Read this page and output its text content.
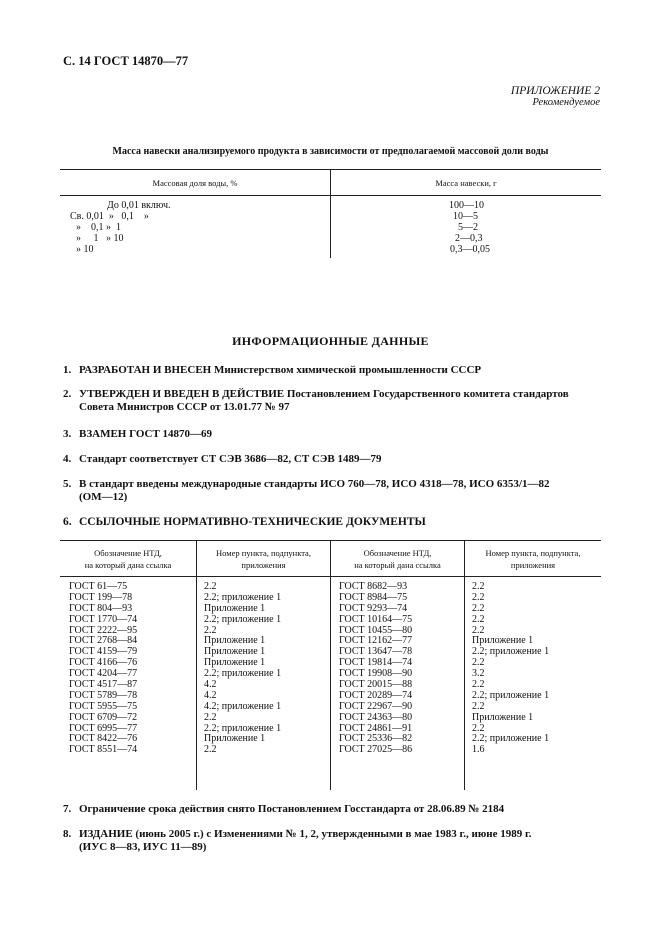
С. 14 ГОСТ 14870—77
ПРИЛОЖЕНИЕ 2
Рекомендуемое
Масса навески анализируемого продукта в зависимости от предполагаемой массовой доли воды
Массовая доля воды, %	Масса навески, г
До 0,01 включ.
Св. 0,01  »   0,1    »
»    0,1 »  1
»     1   » 10
» 10
100—10
10—5
5—2
2—0,3
0,3—0,05
ИНФОРМАЦИОННЫЕ ДАННЫЕ
1. РАЗРАБОТАН И ВНЕСЕН Министерством химической промышленности СССР
2. УТВЕРЖДЕН И ВВЕДЕН В ДЕЙСТВИЕ Постановлением Государственного комитета стандартов
Совета Министров СССР от 13.01.77 № 97
3. ВЗАМЕН ГОСТ 14870—69
4. Стандарт соответствует СТ СЭВ 3686—82, СТ СЭВ 1489—79
5. В стандарт введены международные стандарты ИСО 760—78, ИСО 4318—78, ИСО 6353/1—82
(ОМ—12)
6. ССЫЛОЧНЫЕ НОРМАТИВНО-ТЕХНИЧЕСКИЕ ДОКУМЕНТЫ
Обозначение НТД,
на который дана ссылка
Номер пункта, подпункта,
приложения
Обозначение НТД,
на который дана ссылка
Номер пункта, подпункта,
приложения
ГОСТ 61—75
ГОСТ 199—78
ГОСТ 804—93
ГОСТ 1770—74
ГОСТ 2222—95
ГОСТ 2768—84
ГОСТ 4159—79
ГОСТ 4166—76
ГОСТ 4204—77
ГОСТ 4517—87
ГОСТ 5789—78
ГОСТ 5955—75
ГОСТ 6709—72
ГОСТ 6995—77
ГОСТ 8422—76
ГОСТ 8551—74
2.2
2.2; приложение 1
Приложение 1
2.2; приложение 1
2.2
Приложение 1
Приложение 1
Приложение 1
2.2; приложение 1
4.2
4.2
4.2; приложение 1
2.2
2.2; приложение 1
Приложение 1
2.2
ГОСТ 8682—93
ГОСТ 8984—75
ГОСТ 9293—74
ГОСТ 10164—75
ГОСТ 10455—80
ГОСТ 12162—77
ГОСТ 13647—78
ГОСТ 19814—74
ГОСТ 19908—90
ГОСТ 20015—88
ГОСТ 20289—74
ГОСТ 22967—90
ГОСТ 24363—80
ГОСТ 24861—91
ГОСТ 25336—82
ГОСТ 27025—86
2.2
2.2
2.2
2.2
2.2
Приложение 1
2.2; приложение 1
2.2
3.2
2.2
2.2; приложение 1
2.2
Приложение 1
2.2
2.2; приложение 1
1.6
7. Ограничение срока действия снято Постановлением Госстандарта от 28.06.89 № 2184
8. ИЗДАНИЕ (июнь 2005 г.) с Изменениями № 1, 2, утвержденными в мае 1983 г., июне 1989 г.
(ИУС 8—83, ИУС 11—89)
